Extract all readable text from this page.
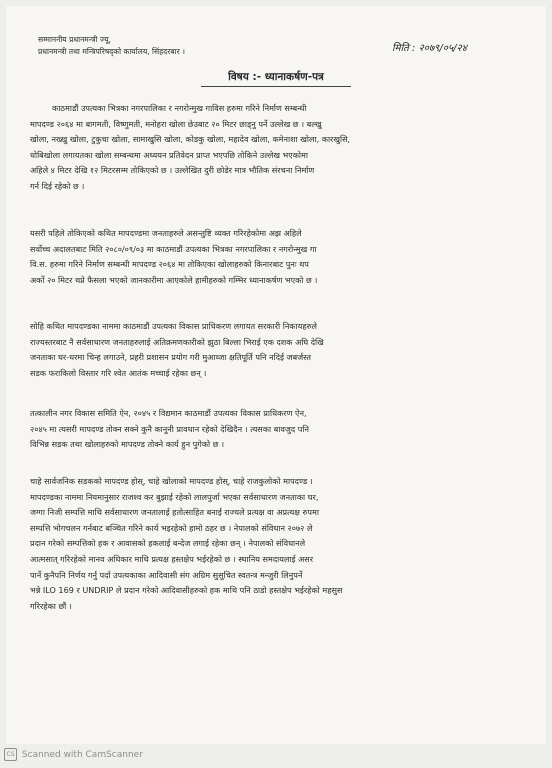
सम्माननीय प्रधानमन्त्री ज्यू,
प्रधानमन्त्री तथा मन्त्रिपरिषद्को कार्यालय, सिंहदरबार ।	मिति : २०७९/०५/२४
विषय :- ध्यानाकर्षण-पत्र
काठमाडौं उपत्यका भित्रका नगरपालिका र नगरोन्मुख गाविस हरुमा गरिने निर्माण सम्बन्धी
मापदण्ड २०६४ मा बागमती, विष्णुमती, मनोहरा खोला छेउबाट २० मिटर छाड्नु पर्ने उल्लेख छ । बल्खु
खोला, नख्खु खोला, टुकुचा खोला, सामाखुसि खोला, कोडकु खोला, महादेव खोला, कमेनाशा खोला, कारखुसि,
धोबिखोला लगायतका खोला सम्बन्धमा अध्ययन प्रतिवेदन प्राप्त भएपछि तोकिने उल्लेख भएकोमा
अहिले ४ मिटर देखि १२ मिटरसम्म तोकिएको छ । उल्लेखित दुरी छोडेर मात्र भौतिक संरचना निर्माण
गर्न दिई रहेको छ ।
यसरी पहिले तोकिएको कथित मापदण्डमा जनताहरुले असन्तुष्टि व्यक्त गरिरहेकोमा अझ अहिले
सर्वोच्च अदालतबाट मिति २०८०/०९/०३ मा काठमाडौं उपत्यका भित्रका नगरपालिका र नगरोन्मुख गा
वि.स. हरुमा गरिने निर्माण सम्बन्धी मापदण्ड २०६४ मा तोकिएका खोलाहरुको किनारबाट पुनः थप
अर्को २० मिटर थप्ने फैसला भएको जानकारीमा आएकोले हामीहरुको गम्भिर ध्यानाकर्षण भएको छ ।
सोहि कथित मापदण्डका नाममा काठमाडौं उपत्यका विकास प्राधिकरण लगायत सरकारी निकायहरुले
राज्यस्तरबाट नै सर्वसाधारण जनताहरुलाई अतिक्रमणकारीको झुठा बिल्ला भिराई एक दशक अघि देखि
जनताका घर-धरमा चिन्ह लगाउने, प्रहरी प्रशासन प्रयोग गरी मुआव्जा क्षतिपूर्ति पनि नदिई जबर्जस्त
सडक फराकिलो विस्तार गरि श्वेत आतंक मच्चाई रहेका छन् ।
तत्कालीन नगर विकास समिति ऐन, २०४५ र विद्यमान काठमाडौं उपत्यका विकास प्राधिकरण ऐन,
२०४५ मा त्यसरी मापदण्ड तोक्न सक्ने कुनै कानूनी प्रावधान रहेको देखिदैन । त्यसका बावजुद पनि
विभिन्न सडक तथा खोलाहरुको मापदण्ड तोक्ने कार्य हुन पुगेको छ ।
चाहे सार्वजनिक सडकको मापदण्ड होस्, चाहे खोलाको मापदण्ड होस्, चाहे राजकुलोको मापदण्ड ।
मापदण्डका नाममा नियमानुसार राजश्व कर बुझाई रहेको लालपुर्जा भएका सर्वसाधारण जनताका घर,
जग्गा निजी सम्पत्ति माथि सर्वसाधारण जनतालाई हतोत्साहित बनाई राज्यले प्रत्यक्ष वा अप्रत्यक्ष रुपमा
सम्पत्ति भोगचलन गर्नबाट बञ्चित गरिने कार्य भइरहेको हामो ठहर छ । नेपालको संविधान २०७२ ले
प्रदान गरेको सम्पत्तिको हक र आवासको हकलाई बन्देज लगाई रहेका छन् । नेपालको संविधानले
आत्मसात् गरिरहेको मानव अधिकार माथि प्रत्यक्ष हस्तक्षेप भईरहेको छ । स्थानिय समदायलाई असर
पार्ने कुनैपनि निर्णय गर्नु पर्दा उपत्यकाका आदिवासी संग अग्रिम सुसुचित स्वतन्त्र मन्जुरी लिनुपर्ने
भन्ने ILO 169 र UNDRIP ले प्रदान गरेको आदिवासीहरुको हक माथि पनि ठाडो हस्तक्षेप भईरहेको महसुस
गरिरहेका छौं ।
CS Scanned with CamScanner
